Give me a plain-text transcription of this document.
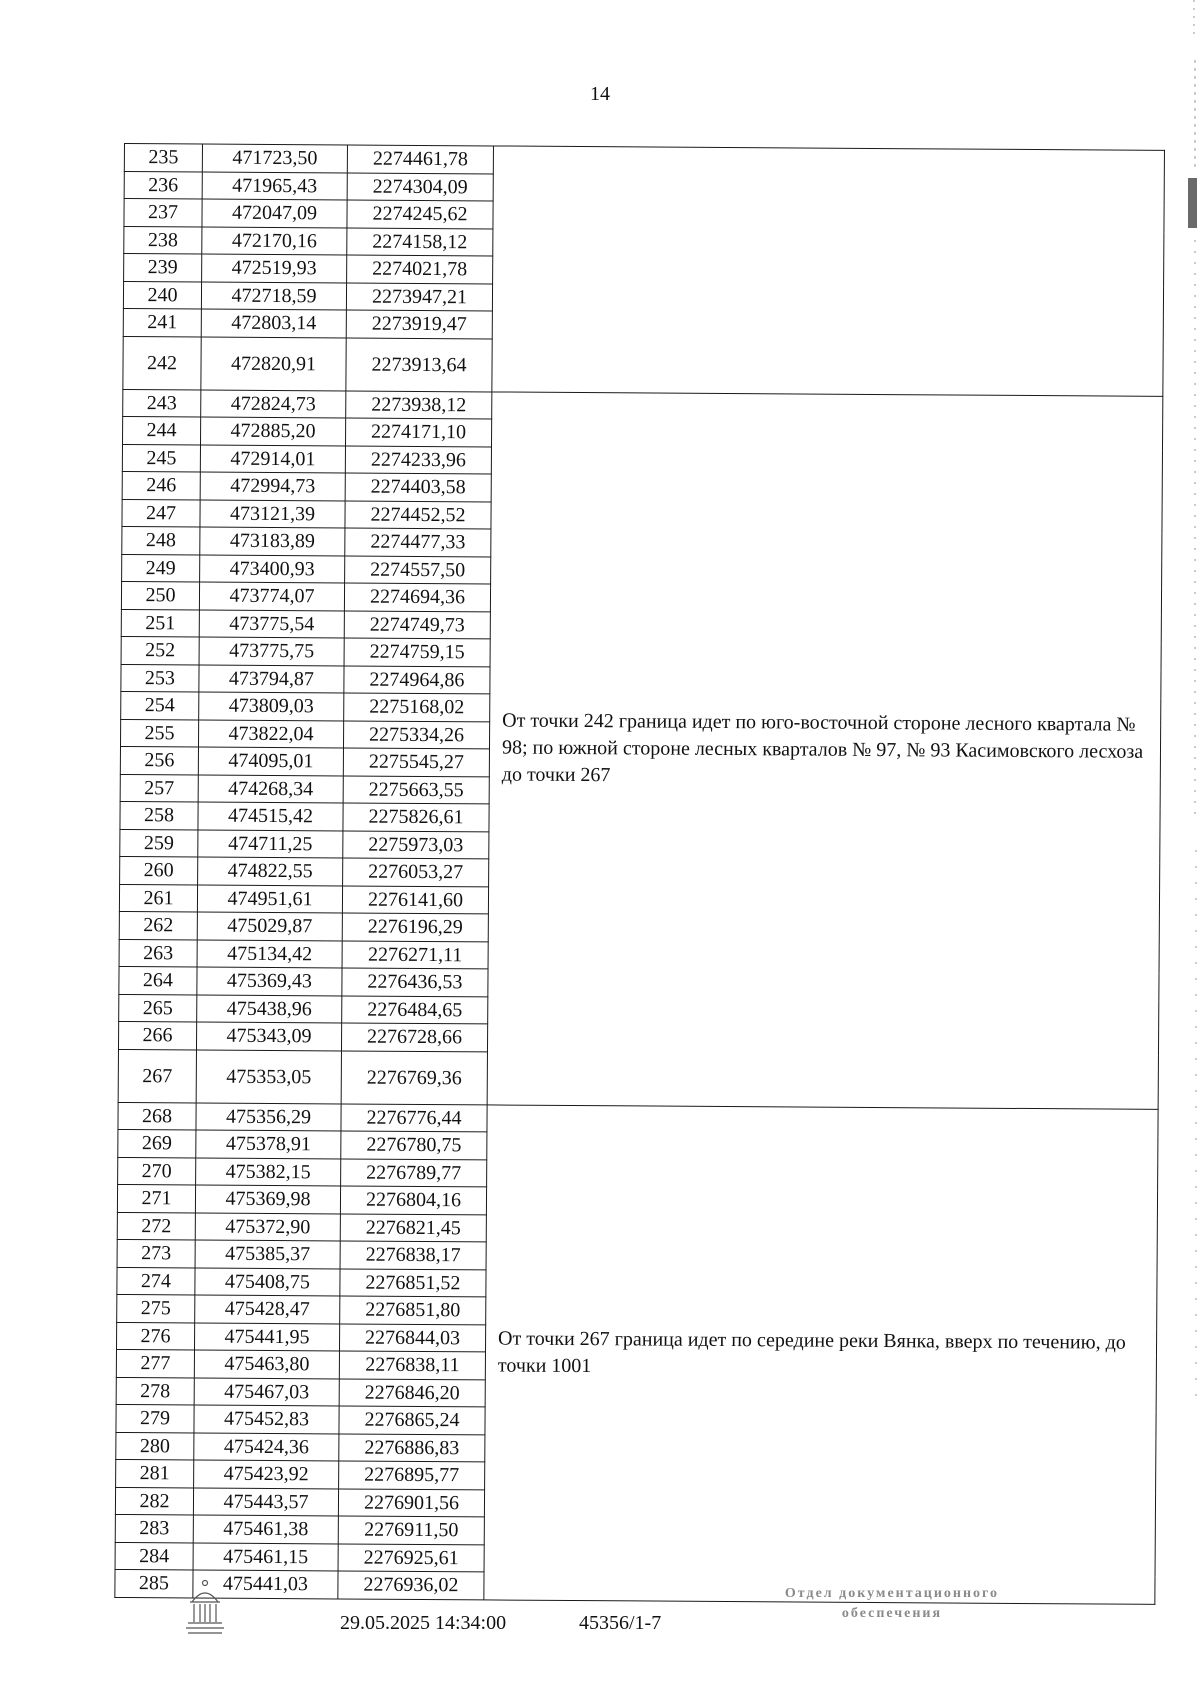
14
235	471723,50	2274461,78	
236	471965,43	2274304,09	
237	472047,09	2274245,62	
238	472170,16	2274158,12	
239	472519,93	2274021,78	
240	472718,59	2273947,21	
241	472803,14	2273919,47	
242	472820,91	2273913,64	
243	472824,73	2273938,12	От точки 242 граница идет по юго-восточной стороне лесного квартала № 98; по южной стороне лесных кварталов № 97, № 93 Касимовского лесхоза до точки 267
244	472885,20	2274171,10	
245	472914,01	2274233,96	
246	472994,73	2274403,58	
247	473121,39	2274452,52	
248	473183,89	2274477,33	
249	473400,93	2274557,50	
250	473774,07	2274694,36	
251	473775,54	2274749,73	
252	473775,75	2274759,15	
253	473794,87	2274964,86	
254	473809,03	2275168,02	
255	473822,04	2275334,26	
256	474095,01	2275545,27	
257	474268,34	2275663,55	
258	474515,42	2275826,61	
259	474711,25	2275973,03	
260	474822,55	2276053,27	
261	474951,61	2276141,60	
262	475029,87	2276196,29	
263	475134,42	2276271,11	
264	475369,43	2276436,53	
265	475438,96	2276484,65	
266	475343,09	2276728,66	
267	475353,05	2276769,36	
268	475356,29	2276776,44	От точки 267 граница идет по середине реки Вянка, вверх по течению, до точки 1001
269	475378,91	2276780,75	
270	475382,15	2276789,77	
271	475369,98	2276804,16	
272	475372,90	2276821,45	
273	475385,37	2276838,17	
274	475408,75	2276851,52	
275	475428,47	2276851,80	
276	475441,95	2276844,03	
277	475463,80	2276838,11	
278	475467,03	2276846,20	
279	475452,83	2276865,24	
280	475424,36	2276886,83	
281	475423,92	2276895,77	
282	475443,57	2276901,56	
283	475461,38	2276911,50	
284	475461,15	2276925,61	
285	475441,03	2276936,02	
29.05.2025 14:34:00	45356/1-7
Отдел документационного
обеспечения
